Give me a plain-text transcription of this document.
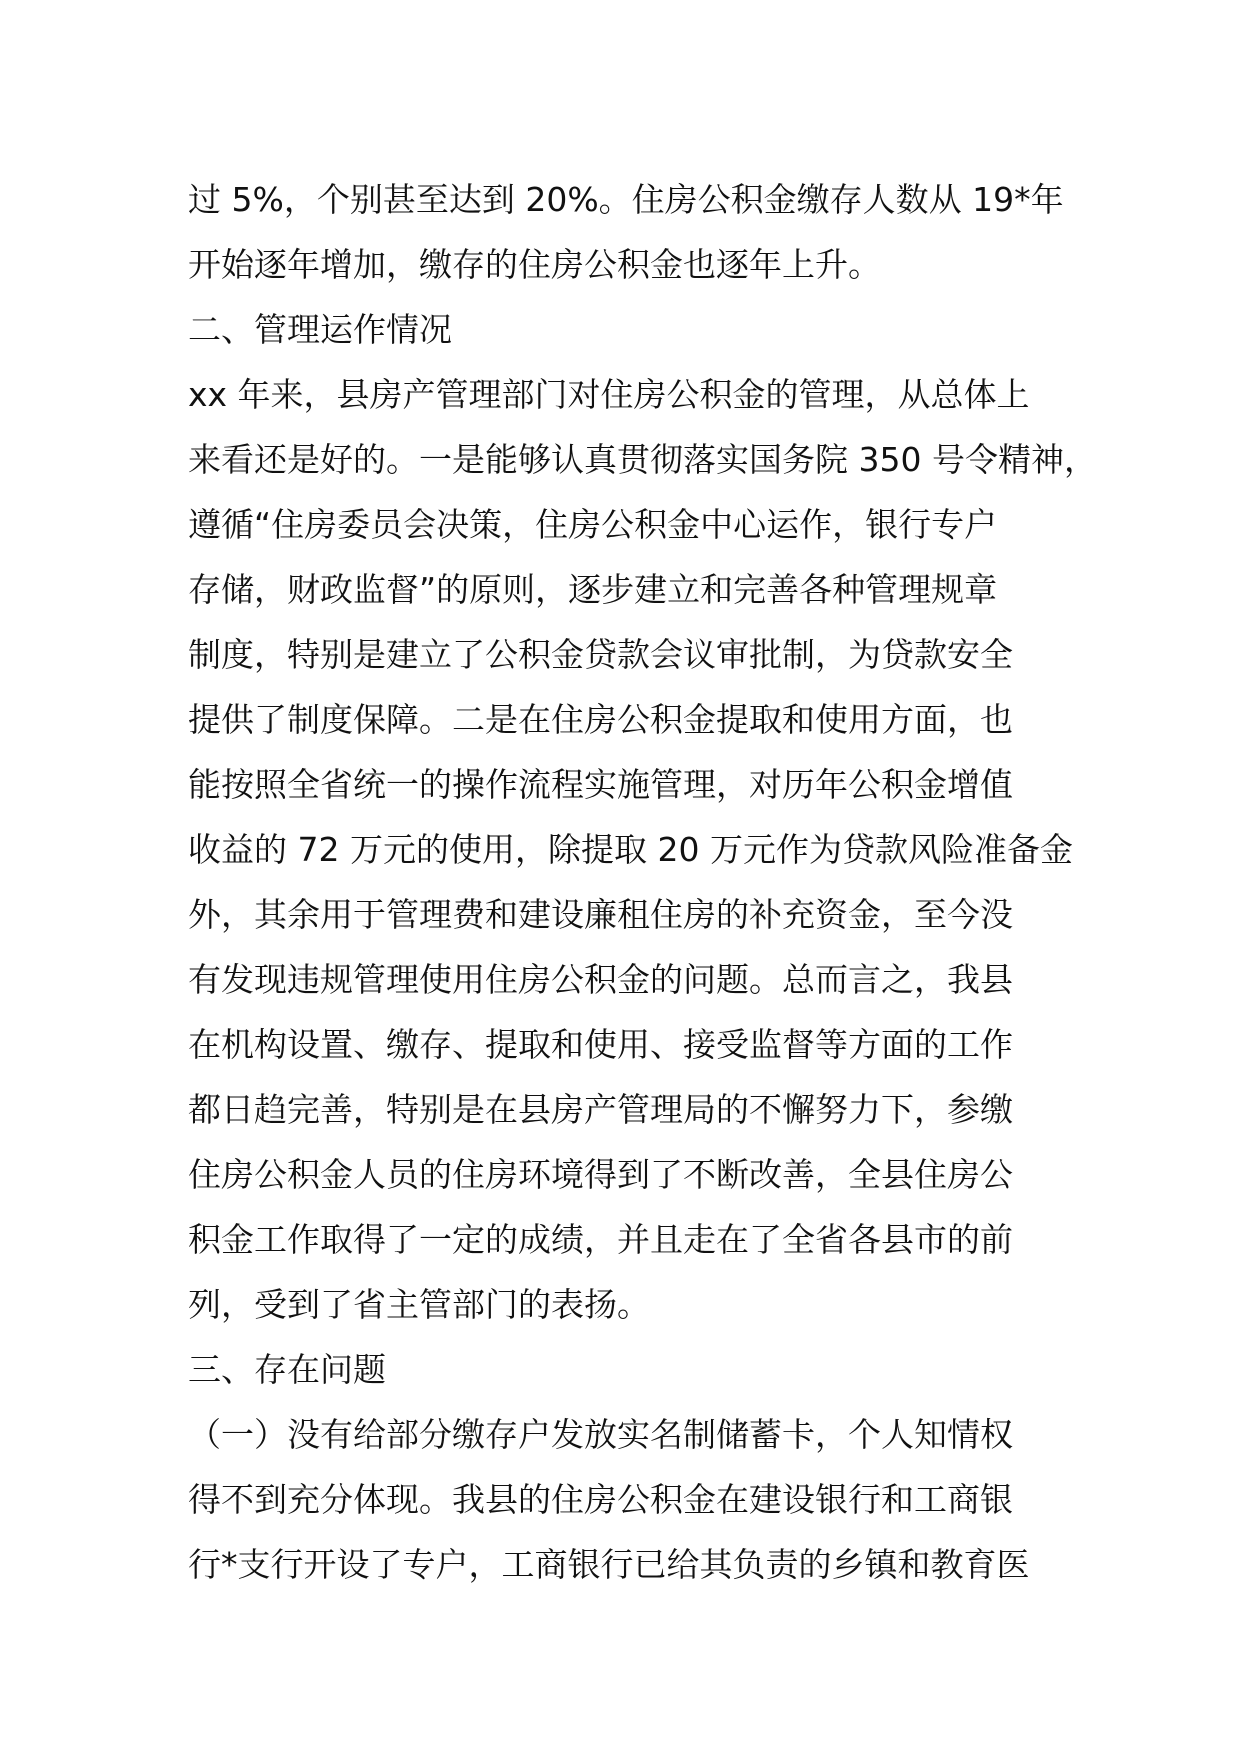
过 5%，个别甚至达到 20%。住房公积金缴存人数从 19*年
开始逐年增加，缴存的住房公积金也逐年上升。
二、管理运作情况
xx 年来，县房产管理部门对住房公积金的管理，从总体上
来看还是好的。一是能够认真贯彻落实国务院 350 号令精神，
遵循“住房委员会决策，住房公积金中心运作，银行专户
存储，财政监督”的原则，逐步建立和完善各种管理规章
制度，特别是建立了公积金贷款会议审批制，为贷款安全
提供了制度保障。二是在住房公积金提取和使用方面，也
能按照全省统一的操作流程实施管理，对历年公积金增值
收益的 72 万元的使用，除提取 20 万元作为贷款风险准备金
外，其余用于管理费和建设廉租住房的补充资金，至今没
有发现违规管理使用住房公积金的问题。总而言之，我县
在机构设置、缴存、提取和使用、接受监督等方面的工作
都日趋完善，特别是在县房产管理局的不懈努力下，参缴
住房公积金人员的住房环境得到了不断改善，全县住房公
积金工作取得了一定的成绩，并且走在了全省各县市的前
列，受到了省主管部门的表扬。
三、存在问题
（一）没有给部分缴存户发放实名制储蓄卡，个人知情权
得不到充分体现。我县的住房公积金在建设银行和工商银
行*支行开设了专户，工商银行已给其负责的乡镇和教育医
